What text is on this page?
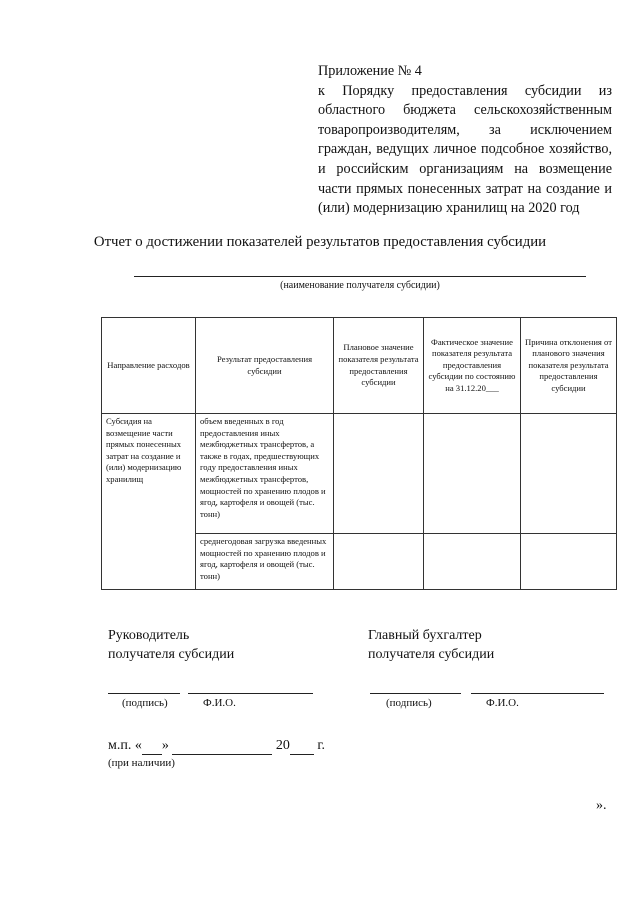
Приложение № 4
к Порядку предоставления субсидии из областного бюджета сельскохозяйственным товаропроизводителям, за исключением граждан, ведущих личное подсобное хозяйство, и российским организациям на возмещение части прямых понесенных затрат на создание и (или) модернизацию хранилищ на 2020 год
Отчет о достижении показателей результатов предоставления субсидии
(наименование получателя субсидии)
Направление расходов	Результат предоставления субсидии	Плановое значение показателя результата предоставления субсидии	Фактическое значение показателя результата предоставления субсидии по состоянию на 31.12.20___	Причина отклонения от планового значения показателя результата предоставления субсидии
Субсидия на возмещение части прямых понесенных затрат на создание и (или) модернизацию хранилищ	объем введенных в год предоставления иных межбюджетных трансфертов, а также в годах, предшествующих году предоставления иных межбюджетных трансфертов, мощностей по хранению плодов и ягод, картофеля и овощей (тыс. тонн)			
	среднегодовая загрузка введенных мощностей по хранению плодов и ягод, картофеля и овощей (тыс. тонн)			
Руководитель
получателя субсидии
(подпись)	Ф.И.О.
Главный бухгалтер
получателя субсидии
(подпись)	Ф.И.О.
м.п. « »	20 г.
(при наличии)
».
